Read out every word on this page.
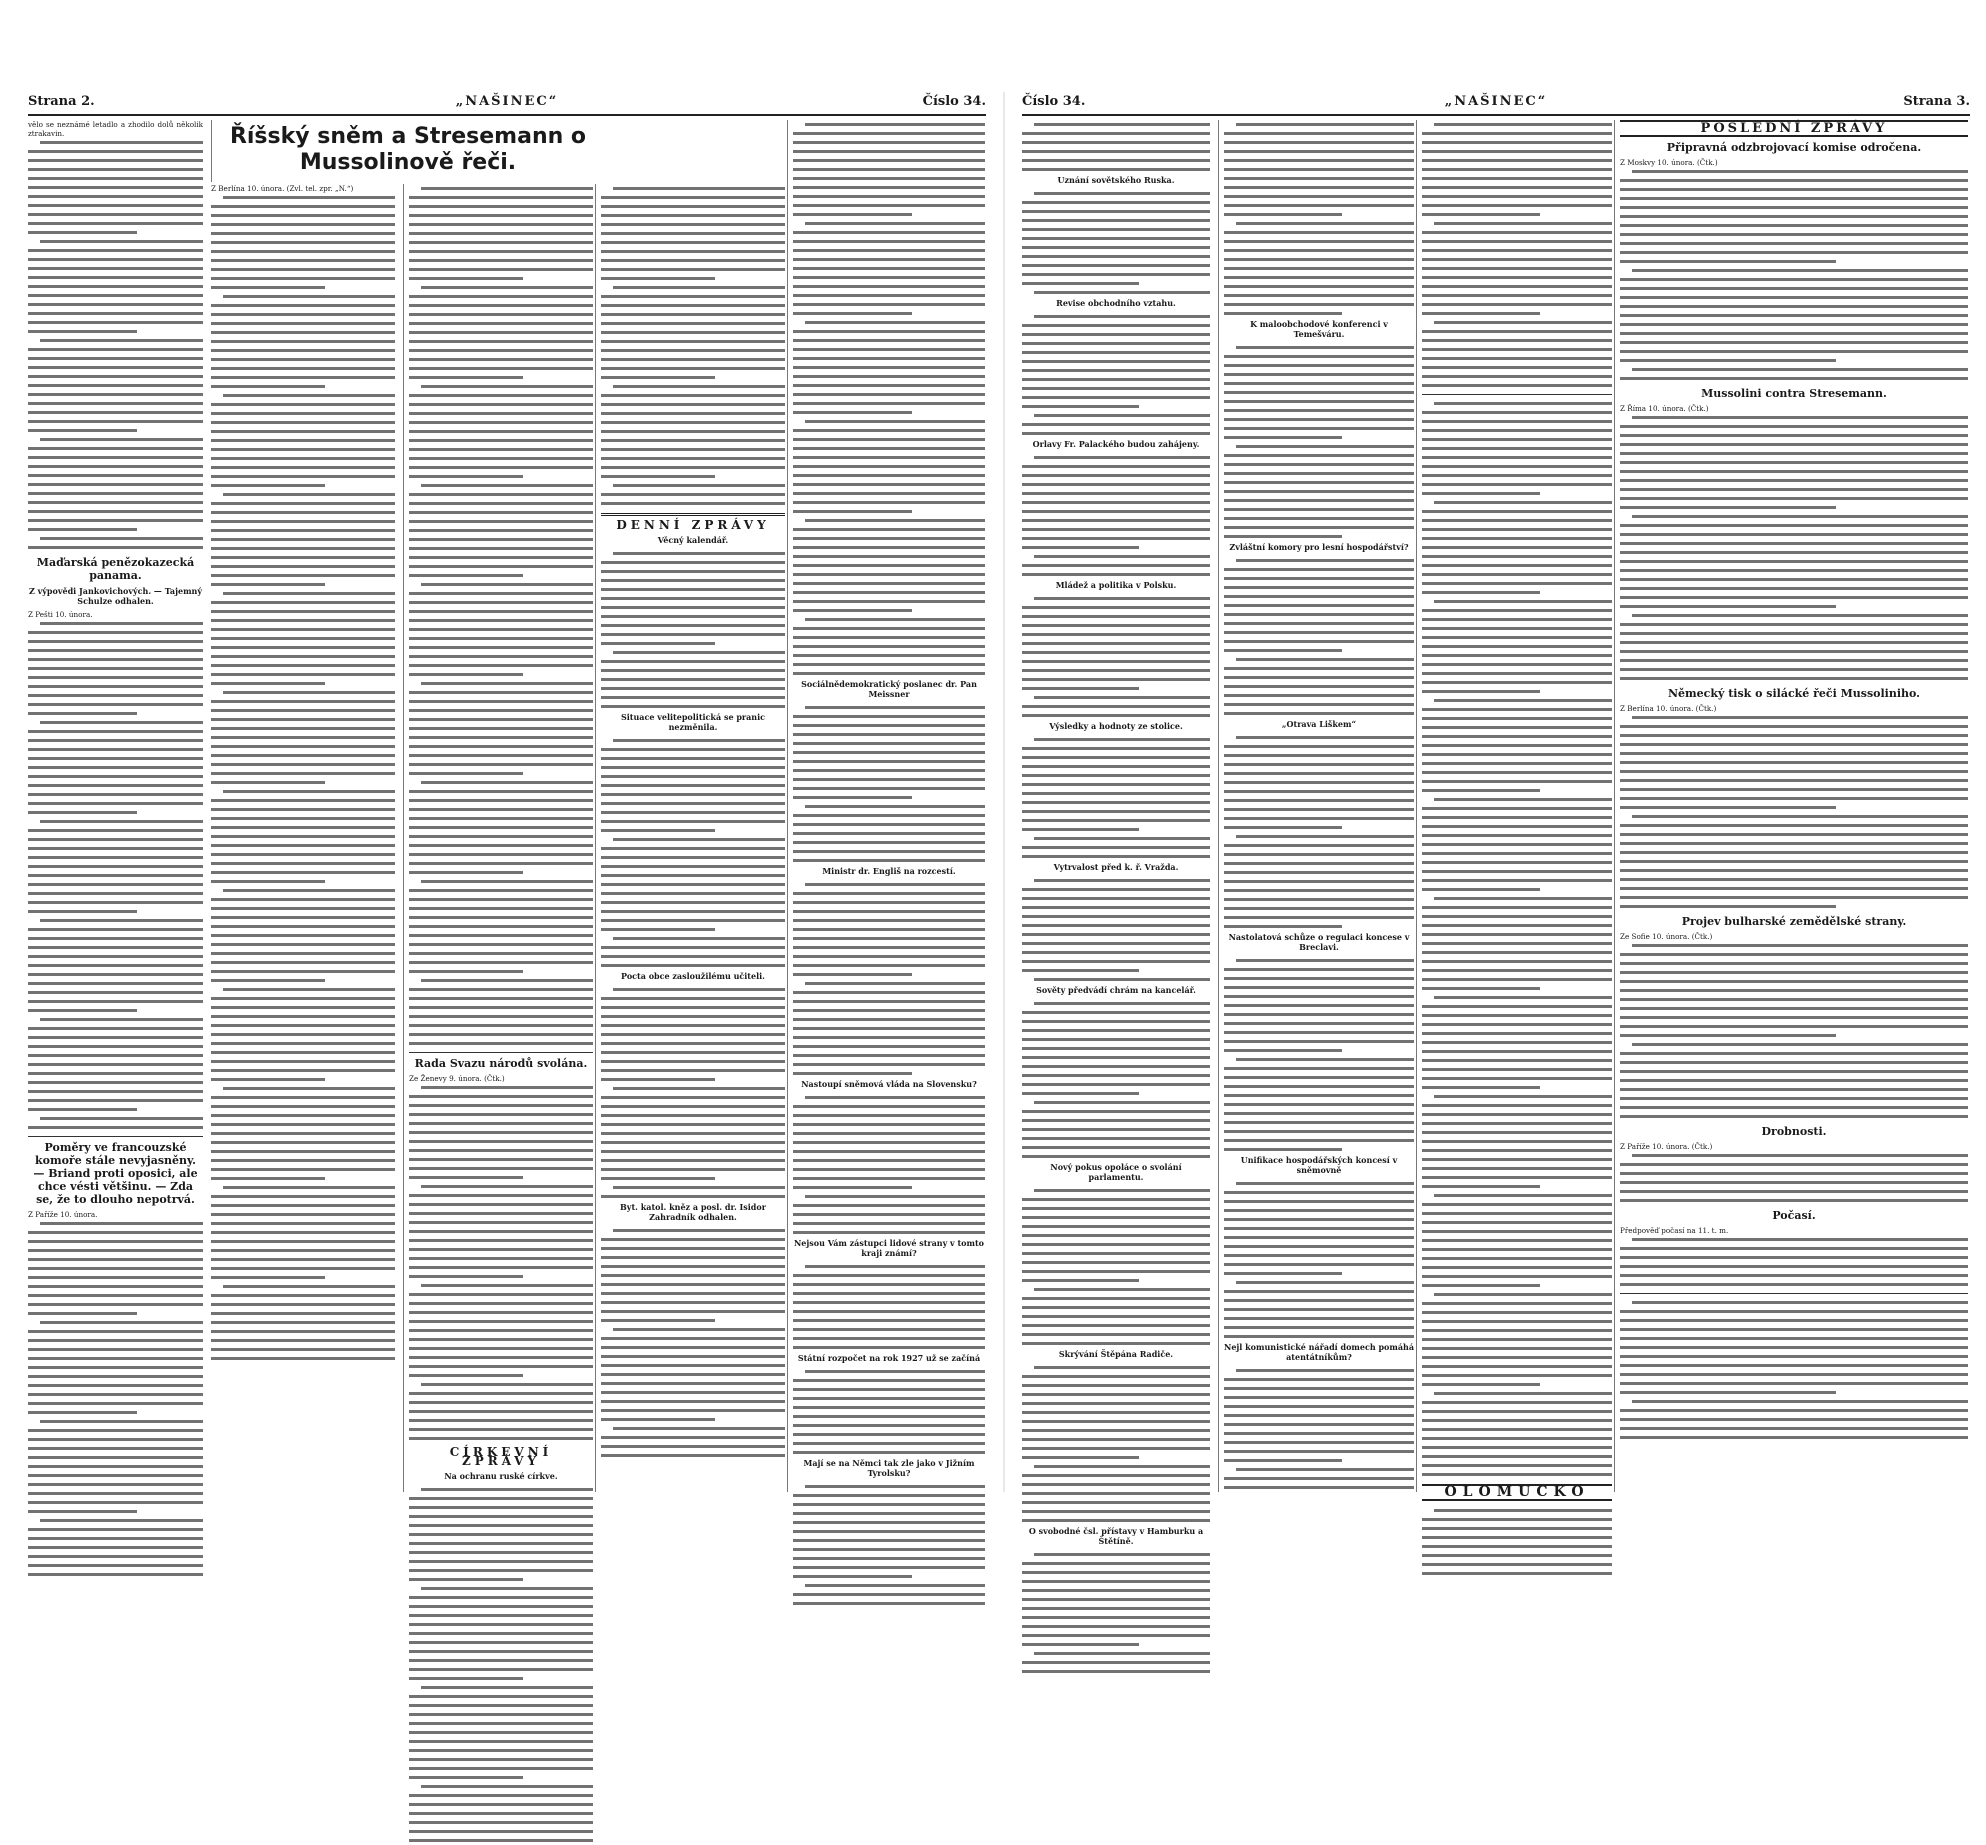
Strana 2.	„NAŠINEC“	Číslo 34.
vělo se neznámé letadlo a zhodilo dolů několik ztrakavin.
Maďarská penězokazecká panama.
Z výpovědi Jankovichových. — Tajemný Schulze odhalen.
Z Pešti 10. února.
Poměry ve francouzské komoře stále nevyjasněny. — Briand proti oposici, ale chce vésti většinu. — Zda se, že to dlouho nepotrvá.
Z Paříže 10. února.
Říšský sněm a Stresemann o Mussolinově řeči.
Z Berlína 10. února. (Zvl. tel. zpr. „N.“)
Rada Svazu národů svolána.
Ze Ženevy 9. února. (Čtk.)
CÍRKEVNÍ ZPRÁVY
Na ochranu ruské církve.
DENNÍ ZPRÁVY
Věcný kalendář.
Situace velitepolitická se pranic nezměnila.
Pocta obce zasloužilému učiteli.
Byt. katol. kněz a posl. dr. Isidor Zahradník odhalen.
Sociálnědemokratický poslanec dr. Pan Meissner
Ministr dr. Engliš na rozcestí.
Nastoupí sněmová vláda na Slovensku?
Nejsou Vám zástupci lidové strany v tomto kraji známí?
Státní rozpočet na rok 1927 už se začíná
Mají se na Němci tak zle jako v Jižním Tyrolsku?
Číslo 34.	„NAŠINEC“	Strana 3.
Uznání sovětského Ruska.
Revise obchodního vztahu.
Orlavy Fr. Palackého budou zahájeny.
Mládež a politika v Polsku.
Výsledky a hodnoty ze stolice.
Vytrvalost před k. ř. Vražda.
Sověty předvádí chrám na kancelář.
Nový pokus opoláce o svolání parlamentu.
Skrývání Štěpána Radiče.
O svobodné čsl. přístavy v Hamburku a Štětíně.
K maloobchodové konferenci v Temešváru.
Zvláštní komory pro lesní hospodářství?
„Otrava Liškem“
Nastolatová schůze o regulaci koncese v Breclavi.
Unifikace hospodářských koncesí v sněmovně
Nejl komunistické nářadí domech pomáhá atentátníkům?
OLOMUCKO
POSLEDNÍ ZPRÁVY
Připravná odzbrojovací komise odročena.
Z Moskvy 10. února. (Čtk.)
Mussolini contra Stresemann.
Z Říma 10. února. (Čtk.)
Německý tisk o silácké řeči Mussoliniho.
Z Berlína 10. února. (Čtk.)
Projev bulharské zemědělské strany.
Ze Sofie 10. února. (Čtk.)
Drobnosti.
Z Paříže 10. února. (Čtk.)
Počasí.
Předpověď počasí na 11. t. m.
